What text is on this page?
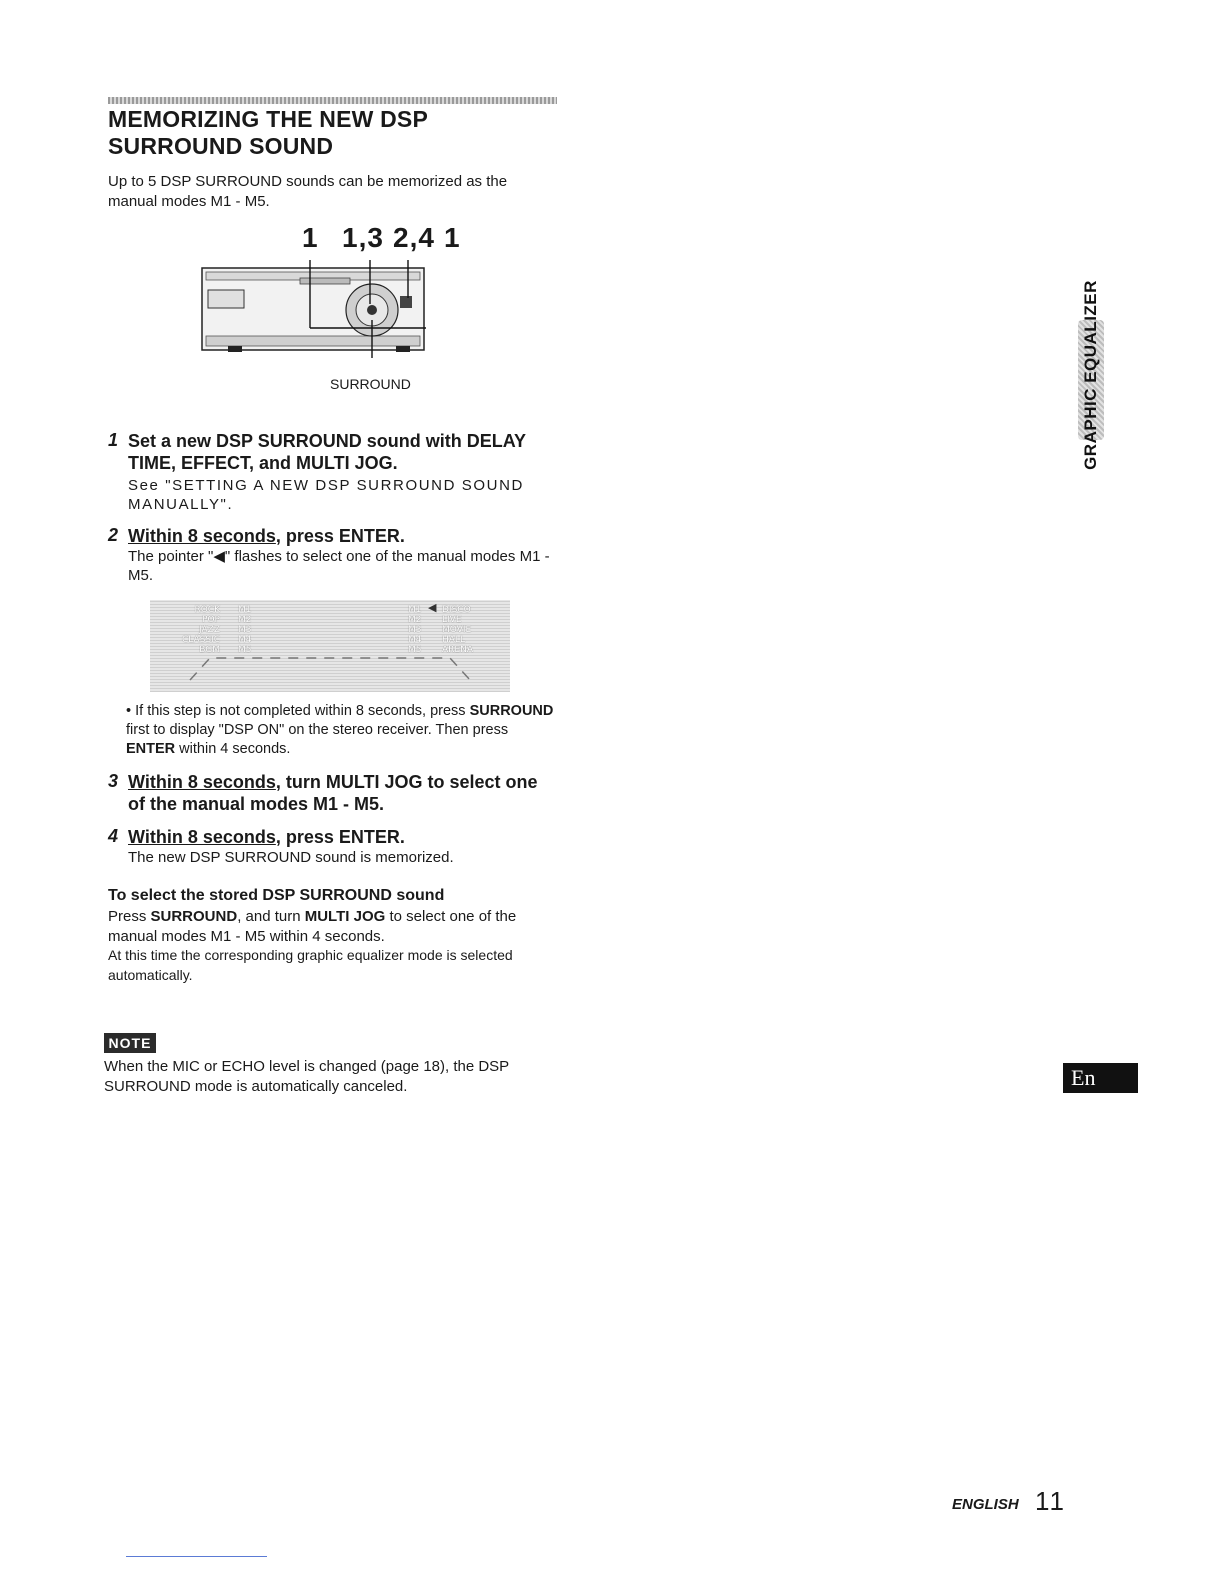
MEMORIZING THE NEW DSP SURROUND SOUND
Up to 5 DSP SURROUND sounds can be memorized as the manual modes M1 - M5.
1 1,3 2,4 1
SURROUND
1 Set a new DSP SURROUND sound with DELAY TIME, EFFECT, and MULTI JOG.
See "SETTING A NEW DSP SURROUND SOUND MANUALLY".
2 Within 8 seconds, press ENTER.
The pointer "◀" flashes to select one of the manual modes M1 - M5.
ROCK
POP
JAZZ
CLASSIC
BGM
M1
M2
M3
M4
M5
M1
M2
M3
M4
M5
◀ DISCO
LIVE
MOVIE
HALL
ARENA
• If this step is not completed within 8 seconds, press SURROUND first to display "DSP ON" on the stereo receiver. Then press ENTER within 4 seconds.
3 Within 8 seconds, turn MULTI JOG to select one of the manual modes M1 - M5.
4 Within 8 seconds, press ENTER.
The new DSP SURROUND sound is memorized.
To select the stored DSP SURROUND sound
Press SURROUND, and turn MULTI JOG to select one of the manual modes M1 - M5 within 4 seconds.
At this time the corresponding graphic equalizer mode is selected automatically.
NOTE
When the MIC or ECHO level is changed (page 18), the DSP SURROUND mode is automatically canceled.
GRAPHIC EQUALIZER
En
ENGLISH 11
